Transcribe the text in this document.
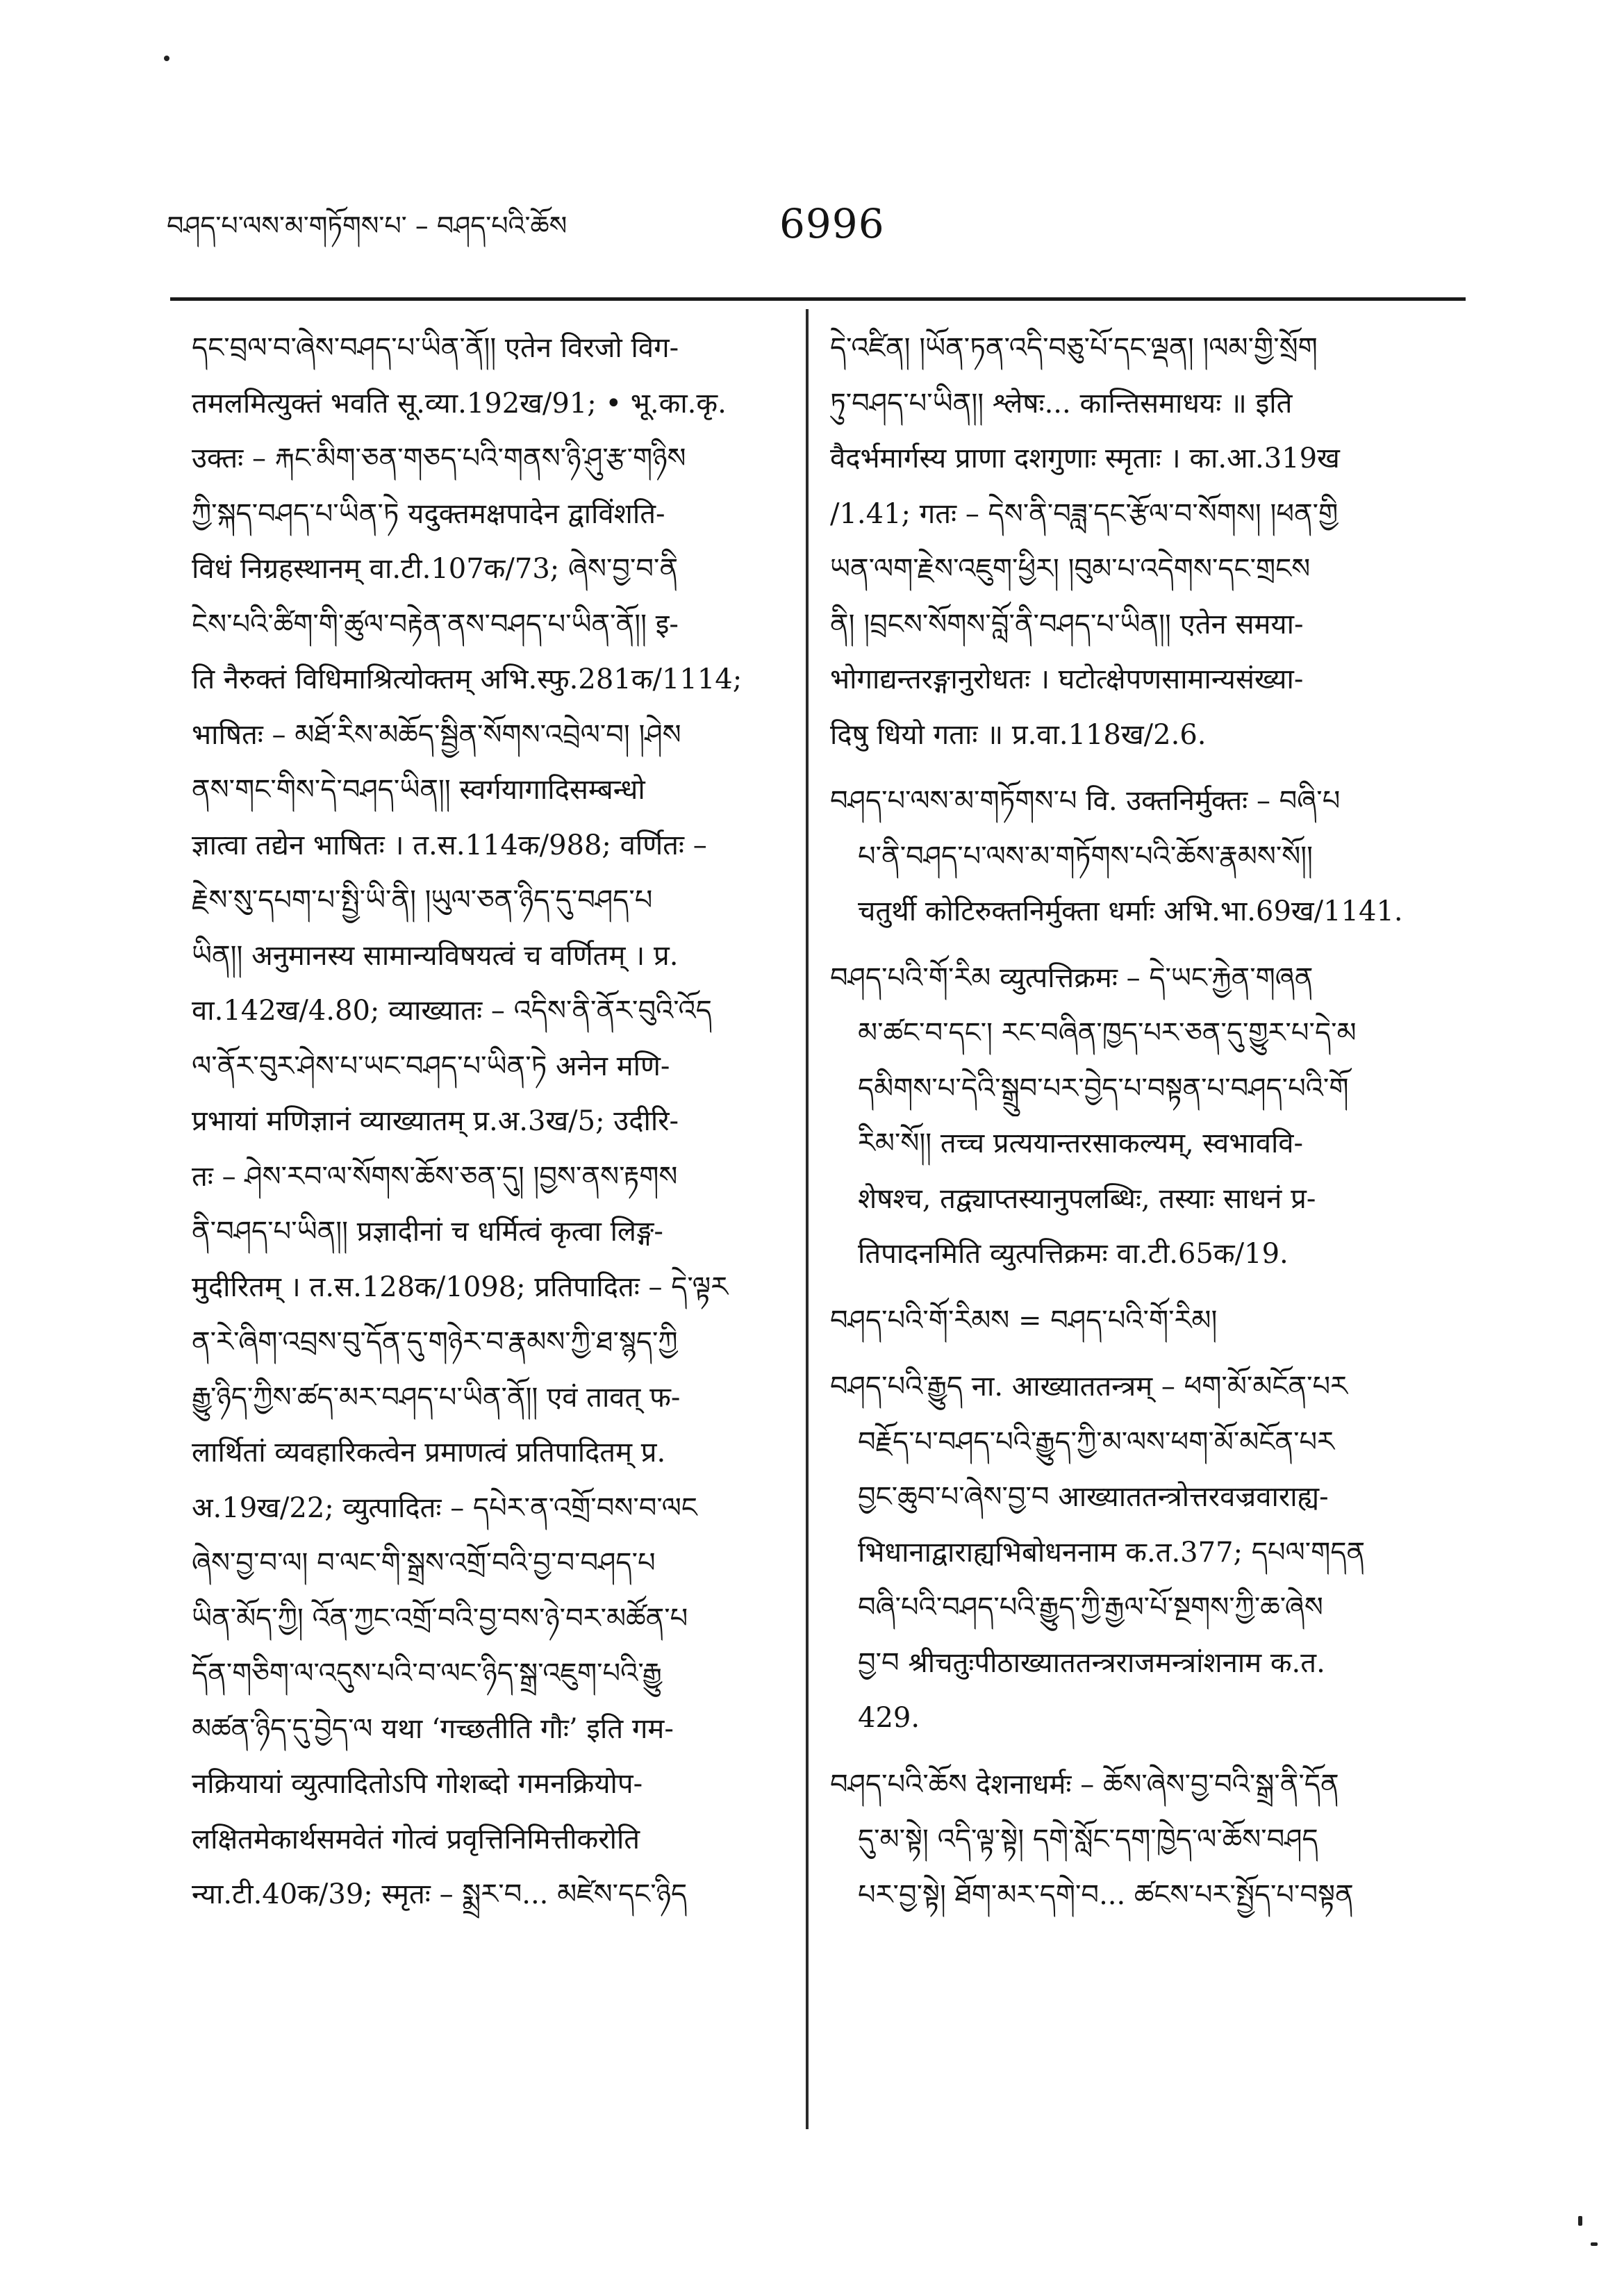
བཤད་པ་ལས་མ་གཏོགས་པ་ – བཤད་པའི་ཆོས	6996
དང་བྲལ་བ་ཞེས་བཤད་པ་ཡིན་ནོ།། एतेन विरजो विग-
तमलमित्युक्तं भवति सू.व्या.192ख/91; • भू.का.कृ.
उक्तः – རྐང་མིག་ཅན་གཅད་པའི་གནས་ཉི་ཤུ་རྩ་གཉིས
ཀྱི་སྐད་བཤད་པ་ཡིན་ཏེ यदुक्तमक्षपादेन द्वाविंशति-
विधं निग्रहस्थानम् वा.टी.107क/73; ཞེས་བྱ་བ་ནི
ངེས་པའི་ཚིག་གི་ཚུལ་བརྟེན་ནས་བཤད་པ་ཡིན་ནོ།། इ-
ति नैरुक्तं विधिमाश्रित्योक्तम् अभि.स्फु.281क/1114;
भाषितः – མཐོ་རིས་མཆོད་སྦྱིན་སོགས་འབྲེལ་བ། །ཤེས
ནས་གང་གིས་དེ་བཤད་ཡིན།། स्वर्गयागादिसम्बन्धो
ज्ञात्वा तद्येन भाषितः । त.स.114क/988; वर्णितः –
རྗེས་སུ་དཔག་པ་སྤྱི་ཡི་ནི། །ཡུལ་ཅན་ཉིད་དུ་བཤད་པ
ཡིན།། अनुमानस्य सामान्यविषयत्वं च वर्णितम् । प्र.
वा.142ख/4.80; व्याख्यातः – འདིས་ནི་ནོར་བུའི་འོད
ལ་ནོར་བུར་ཤེས་པ་ཡང་བཤད་པ་ཡིན་ཏེ अनेन मणि-
प्रभायां मणिज्ञानं व्याख्यातम् प्र.अ.3ख/5; उदीरि-
तः – ཤེས་རབ་ལ་སོགས་ཆོས་ཅན་དུ། །བྱས་ནས་རྟགས
ནི་བཤད་པ་ཡིན།། प्रज्ञादीनां च धर्मित्वं कृत्वा लिङ्ग-
मुदीरितम् । त.स.128क/1098; प्रतिपादितः – དེ་ལྟར
ན་རེ་ཞིག་འབྲས་བུ་དོན་དུ་གཉེར་བ་རྣམས་ཀྱི་ཐ་སྙད་ཀྱི
རྒྱུ་ཉིད་ཀྱིས་ཚད་མར་བཤད་པ་ཡིན་ནོ།། एवं तावत् फ-
लार्थितां व्यवहारिकत्वेन प्रमाणत्वं प्रतिपादितम् प्र.
अ.19ख/22; व्युत्पादितः – དཔེར་ན་འགྲོ་བས་བ་ལང
ཞེས་བྱ་བ་ལ། བ་ལང་གི་སྒྲས་འགྲོ་བའི་བྱ་བ་བཤད་པ
ཡིན་མོད་ཀྱི། འོན་ཀྱང་འགྲོ་བའི་བྱ་བས་ཉེ་བར་མཚོན་པ
དོན་གཅིག་ལ་འདུས་པའི་བ་ལང་ཉིད་སྒྲ་འཇུག་པའི་རྒྱུ
མཚན་ཉིད་དུ་བྱེད་ལ यथा ‘गच्छतीति गौः’ इति गम-
नक्रियायां व्युत्पादितोऽपि गोशब्दो गमनक्रियोप-
लक्षितमेकार्थसमवेतं गोत्वं प्रवृत्तिनिमित्तीकरोति
न्या.टी.40क/39; स्मृतः – སྨྲར་བ... མཛེས་དང་ཉིད
དེ་འཛིན། །ཡོན་ཏན་འདི་བཅུ་པོ་དང་ལྡན། །ལམ་གྱི་སྲོག
ཏུ་བཤད་པ་ཡིན།། श्लेषः... कान्तिसमाधयः ॥ इति
वैदर्भमार्गस्य प्राणा दशगुणाः स्मृताः । का.आ.319ख
/1.41; गतः – དེས་ནི་བཟླ་དང་རྩོལ་བ་སོགས། །ཕན་གྱི
ཡན་ལག་རྗེས་འཇུག་ཕྱིར། །བུམ་པ་འདེགས་དང་གྲངས
ནི། །བྲངས་སོགས་བློ་ནི་བཤད་པ་ཡིན།། एतेन समया-
भोगाद्यन्तरङ्गानुरोधतः । घटोत्क्षेपणसामान्यसंख्या-
दिषु धियो गताः ॥ प्र.वा.118ख/2.6.
བཤད་པ་ལས་མ་གཏོགས་པ वि. उक्तनिर्मुक्तः – བཞི་པ
པ་ནི་བཤད་པ་ལས་མ་གཏོགས་པའི་ཆོས་རྣམས་སོ།།
चतुर्थी कोटिरुक्तनिर्मुक्ता धर्माः अभि.भा.69ख/1141.
བཤད་པའི་གོ་རིམ व्युत्पत्तिक्रमः – དེ་ཡང་རྐྱེན་གཞན
མ་ཚང་བ་དང་། རང་བཞིན་ཁྱད་པར་ཅན་དུ་གྱུར་པ་དེ་མ
དམིགས་པ་དེའི་སྒྲུབ་པར་བྱེད་པ་བསྟན་པ་བཤད་པའི་གོ
རིམ་སོ།། तच्च प्रत्ययान्तरसाकल्यम्, स्वभाववि-
शेषश्च, तद्व्याप्तस्यानुपलब्धिः, तस्याः साधनं प्र-
तिपादनमिति व्युत्पत्तिक्रमः वा.टी.65क/19.
བཤད་པའི་གོ་རིམས = བཤད་པའི་གོ་རིམ།
བཤད་པའི་རྒྱུད ना. आख्याततन्त्रम् – ཕག་མོ་མངོན་པར
བརྗོད་པ་བཤད་པའི་རྒྱུད་ཀྱི་མ་ལས་ཕག་མོ་མངོན་པར
བྱང་ཆུབ་པ་ཞེས་བྱ་བ आख्याततन्त्रोत्तरवज्रवाराह्य-
भिधानाद्वाराह्यभिबोधननाम क.त.377; དཔལ་གདན
བཞི་པའི་བཤད་པའི་རྒྱུད་ཀྱི་རྒྱལ་པོ་སྔགས་ཀྱི་ཆ་ཞེས
བྱ་བ श्रीचतुःपीठाख्याततन्त्रराजमन्त्रांशनाम क.त.
429.
བཤད་པའི་ཆོས देशनाधर्मः – ཆོས་ཞེས་བྱ་བའི་སྒྲ་ནི་དོན
དུ་མ་སྟེ། འདི་ལྟ་སྟེ། དགེ་སློང་དག་ཁྱེད་ལ་ཆོས་བཤད
པར་བྱ་སྟེ། ཐོག་མར་དགེ་བ... ཚངས་པར་སྤྱོད་པ་བསྟན
